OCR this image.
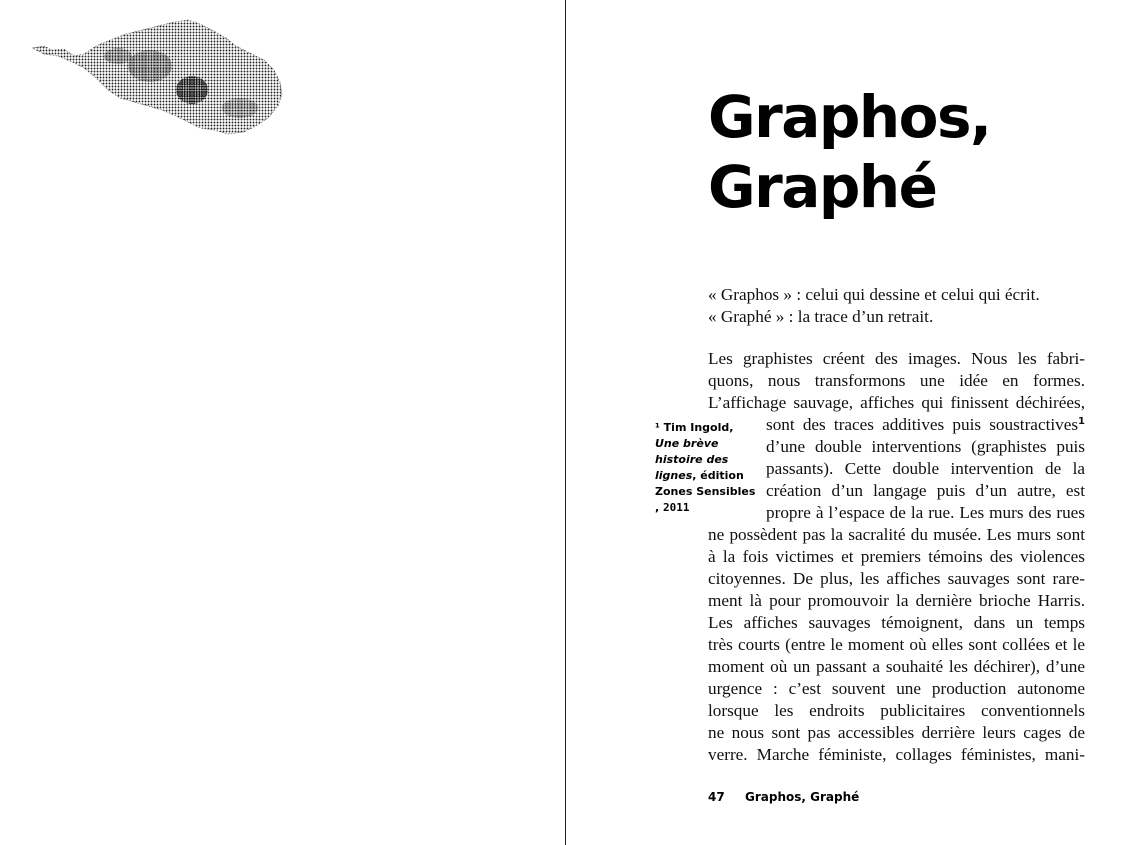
Graphos,
Graphé
« Graphos » : celui qui dessine et celui qui écrit.
« Graphé » : la trace d’un retrait.
Les graphistes créent des images. Nous les fabri-
quons, nous transformons une idée en formes.
L’affichage sauvage, affiches qui finissent déchirées,
sont des traces additives puis soustractives$^1$
d’une double interventions (graphistes puis
passants). Cette double intervention de la
création d’un langage puis d’un autre, est
propre à l’espace de la rue. Les murs des rues
ne possèdent pas la sacralité du musée. Les murs sont
à la fois victimes et premiers témoins des violences
citoyennes. De plus, les affiches sauvages sont rare-
ment là pour promouvoir la dernière brioche Harris.
Les affiches sauvages témoignent, dans un temps
très courts (entre le moment où elles sont collées et le
moment où un passant a souhaité les déchirer), d’une
urgence : c’est souvent une production autonome
lorsque les endroits publicitaires conventionnels
ne nous sont pas accessibles derrière leurs cages de
verre. Marche féministe, collages féministes, mani-
¹ Tim Ingold, Une brève histoire des lignes, édition Zones Sensibles , 2011
47 Graphos, Graphé
